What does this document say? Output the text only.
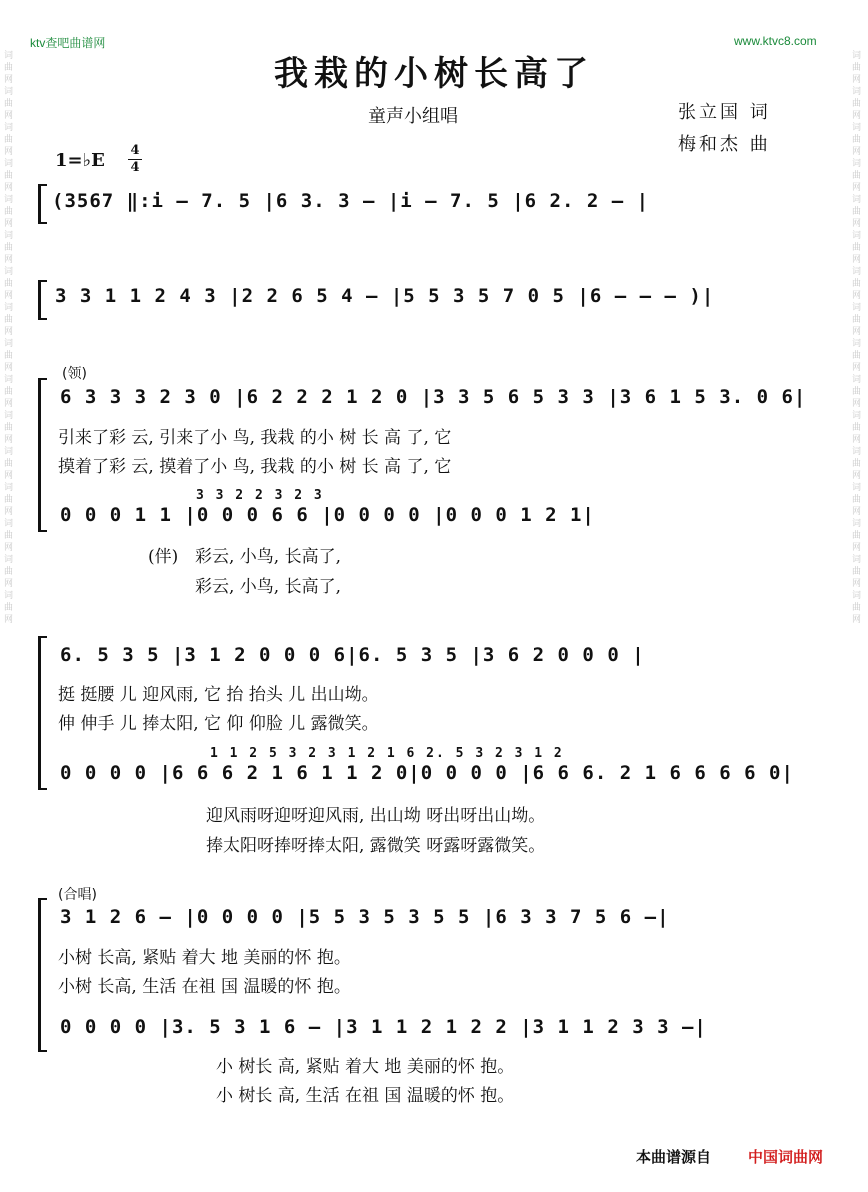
ktv查吧曲谱网	www.ktvc8.com
词曲网词曲网词曲网词曲网词曲网词曲网词曲网词曲网词曲网词曲网词曲网词曲网词曲网词曲网词曲网词曲网
词曲网词曲网词曲网词曲网词曲网词曲网词曲网词曲网词曲网词曲网词曲网词曲网词曲网词曲网词曲网词曲网
我栽的小树长高了
童声小组唱	张立国 词
梅和杰 曲
1=♭E	4
4
(3567 ‖:i – 7. 5 |6 3. 3 – |i – 7. 5 |6 2. 2 – |
3 3 1 1 2 4 3 |2 2 6 5 4 – |5 5 3 5 7 0 5 |6 – – – )|
(领)
6 3 3 3 2 3 0 |6 2 2 2 1 2 0 |3 3 5 6 5 3 3 |3 6 1 5 3. 0 6|
引来了彩 云, 引来了小 鸟, 我栽 的小 树 长 高 了, 它
摸着了彩 云, 摸着了小 鸟, 我栽 的小 树 长 高 了, 它
3 3 2 2 3 2 3
0 0 0 1 1 |0 0 0 6 6 |0 0 0 0 |0 0 0 1 2 1|
(伴) 彩云, 小鸟, 长高了,
彩云, 小鸟, 长高了,
6. 5 3 5 |3 1 2 0 0 0 6|6. 5 3 5 |3 6 2 0 0 0 |
挺 挺腰 儿 迎风雨, 它 抬 抬头 儿 出山坳。
伸 伸手 儿 捧太阳, 它 仰 仰脸 儿 露微笑。
1 1 2 5 3 2 3 1 2 1 6 2. 5 3 2 3 1 2
0 0 0 0 |6 6 6 2 1 6 1 1 2 0|0 0 0 0 |6 6 6. 2 1 6 6 6 6 0|
迎风雨呀迎呀迎风雨, 出山坳 呀出呀出山坳。
捧太阳呀捧呀捧太阳, 露微笑 呀露呀露微笑。
(合唱)
3 1 2 6 – |0 0 0 0 |5 5 3 5 3 5 5 |6 3 3 7 5 6 –|
小树 长高, 紧贴 着大 地 美丽的怀 抱。
小树 长高, 生活 在祖 国 温暖的怀 抱。
0 0 0 0 |3. 5 3 1 6 – |3 1 1 2 1 2 2 |3 1 1 2 3 3 –|
小 树长 高, 紧贴 着大 地 美丽的怀 抱。
小 树长 高, 生活 在祖 国 温暖的怀 抱。
本曲谱源自 中国词曲网
